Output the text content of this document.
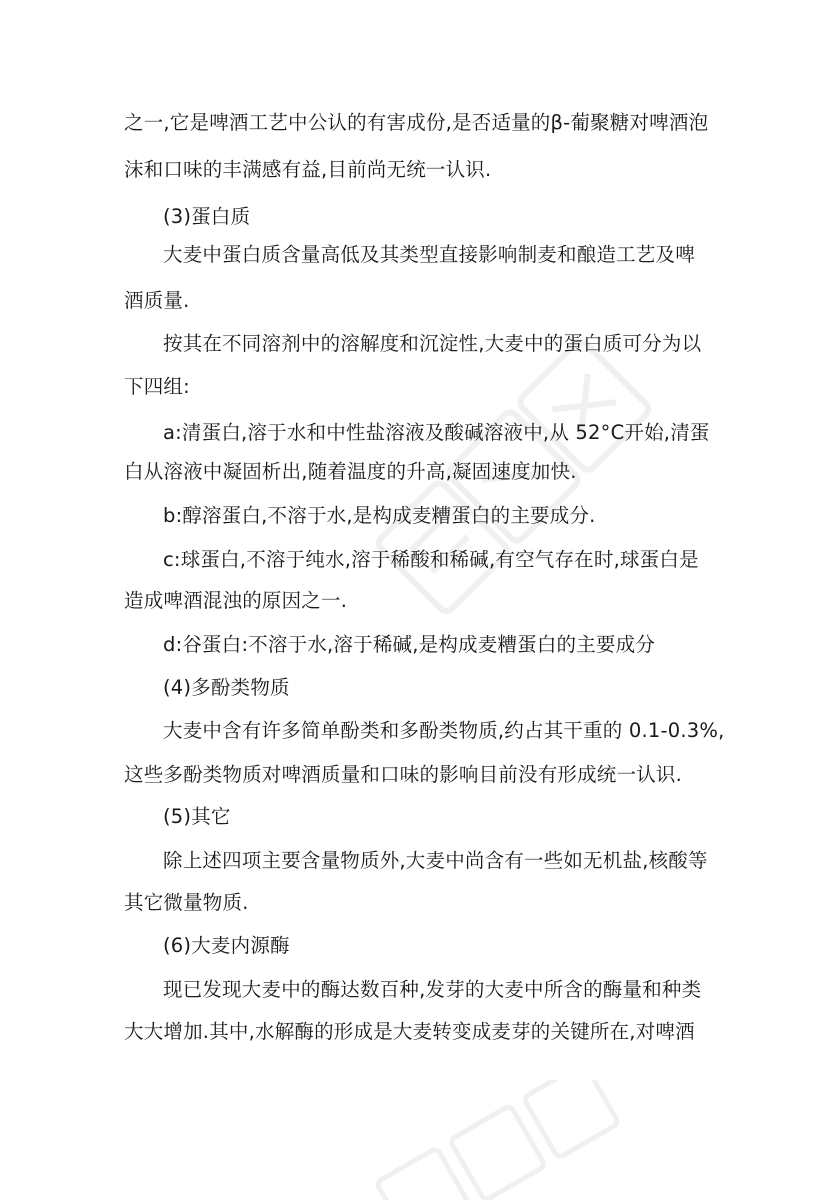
之一,它是啤酒工艺中公认的有害成份,是否适量的β-葡聚糖对啤酒泡
沫和口味的丰满感有益,目前尚无统一认识.
(3)蛋白质
大麦中蛋白质含量高低及其类型直接影响制麦和酿造工艺及啤
酒质量.
按其在不同溶剂中的溶解度和沉淀性,大麦中的蛋白质可分为以
下四组:
a:清蛋白,溶于水和中性盐溶液及酸碱溶液中,从 52°C开始,清蛋
白从溶液中凝固析出,随着温度的升高,凝固速度加快.
b:醇溶蛋白,不溶于水,是构成麦糟蛋白的主要成分.
c:球蛋白,不溶于纯水,溶于稀酸和稀碱,有空气存在时,球蛋白是
造成啤酒混浊的原因之一.
d:谷蛋白:不溶于水,溶于稀碱,是构成麦糟蛋白的主要成分
(4)多酚类物质
大麦中含有许多简单酚类和多酚类物质,约占其干重的 0.1-0.3%,
这些多酚类物质对啤酒质量和口味的影响目前没有形成统一认识.
(5)其它
除上述四项主要含量物质外,大麦中尚含有一些如无机盐,核酸等
其它微量物质.
(6)大麦内源酶
现已发现大麦中的酶达数百种,发芽的大麦中所含的酶量和种类
大大增加.其中,水解酶的形成是大麦转变成麦芽的关键所在,对啤酒
